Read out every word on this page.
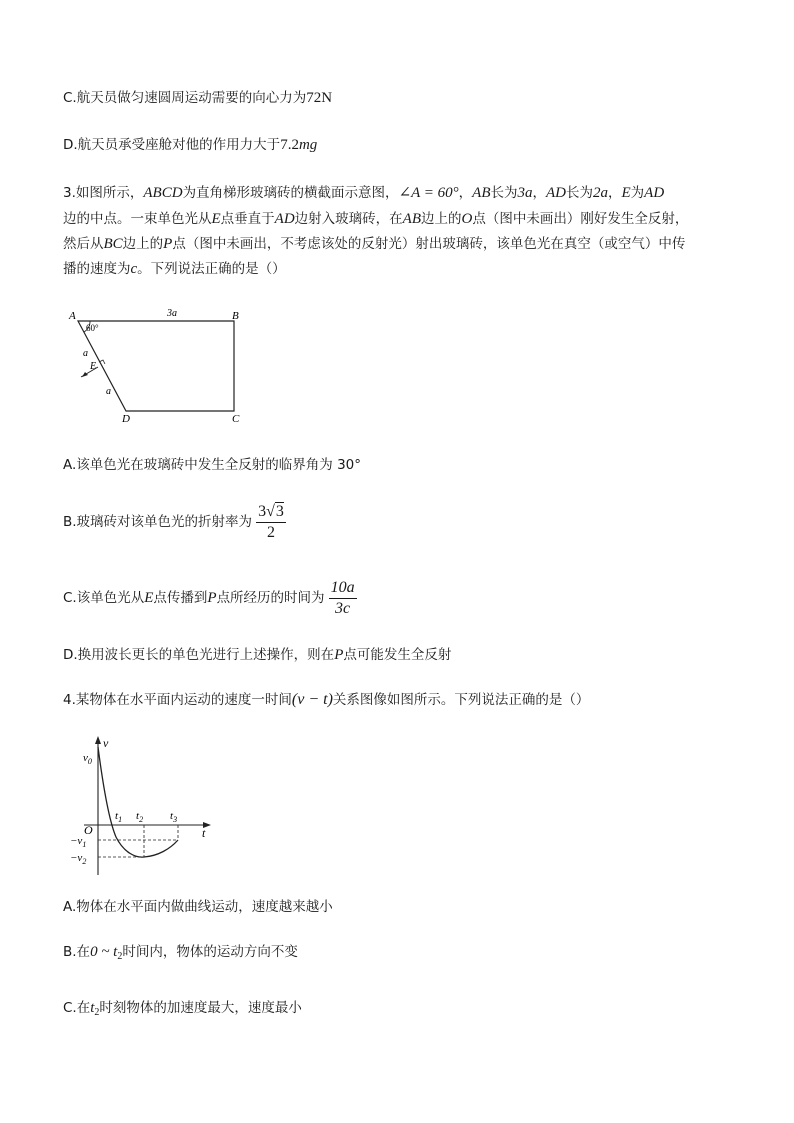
C.航天员做匀速圆周运动需要的向心力为72N
D.航天员承受座舱对他的作用力大于7.2mg
3.如图所示，ABCD为直角梯形玻璃砖的横截面示意图，∠A = 60°，AB长为3a，AD长为2a，E为AD
边的中点。一束单色光从E点垂直于AD边射入玻璃砖，在AB边上的O点（图中未画出）刚好发生全反射，
然后从BC边上的P点（图中未画出，不考虑该处的反射光）射出玻璃砖，该单色光在真空（或空气）中传
播的速度为c。下列说法正确的是（）
A	B
C
D
E
60°
3a
a
a
A.该单色光在玻璃砖中发生全反射的临界角为 30°
B.玻璃砖对该单色光的折射率为 $\frac{3√3}{2}$
C.该单色光从E点传播到P点所经历的时间为 $\frac{10a}{3c}$
D.换用波长更长的单色光进行上述操作，则在P点可能发生全反射
4.某物体在水平面内运动的速度一时间(v − t)关系图像如图所示。下列说法正确的是（）
v
t
O
$v_0$
$t_1$ $t_2$ $t_3$
$-v_1$
$-v_2$
A.物体在水平面内做曲线运动，速度越来越小
B.在0 ~ $t_2$时间内，物体的运动方向不变
C.在$t_2$时刻物体的加速度最大，速度最小
